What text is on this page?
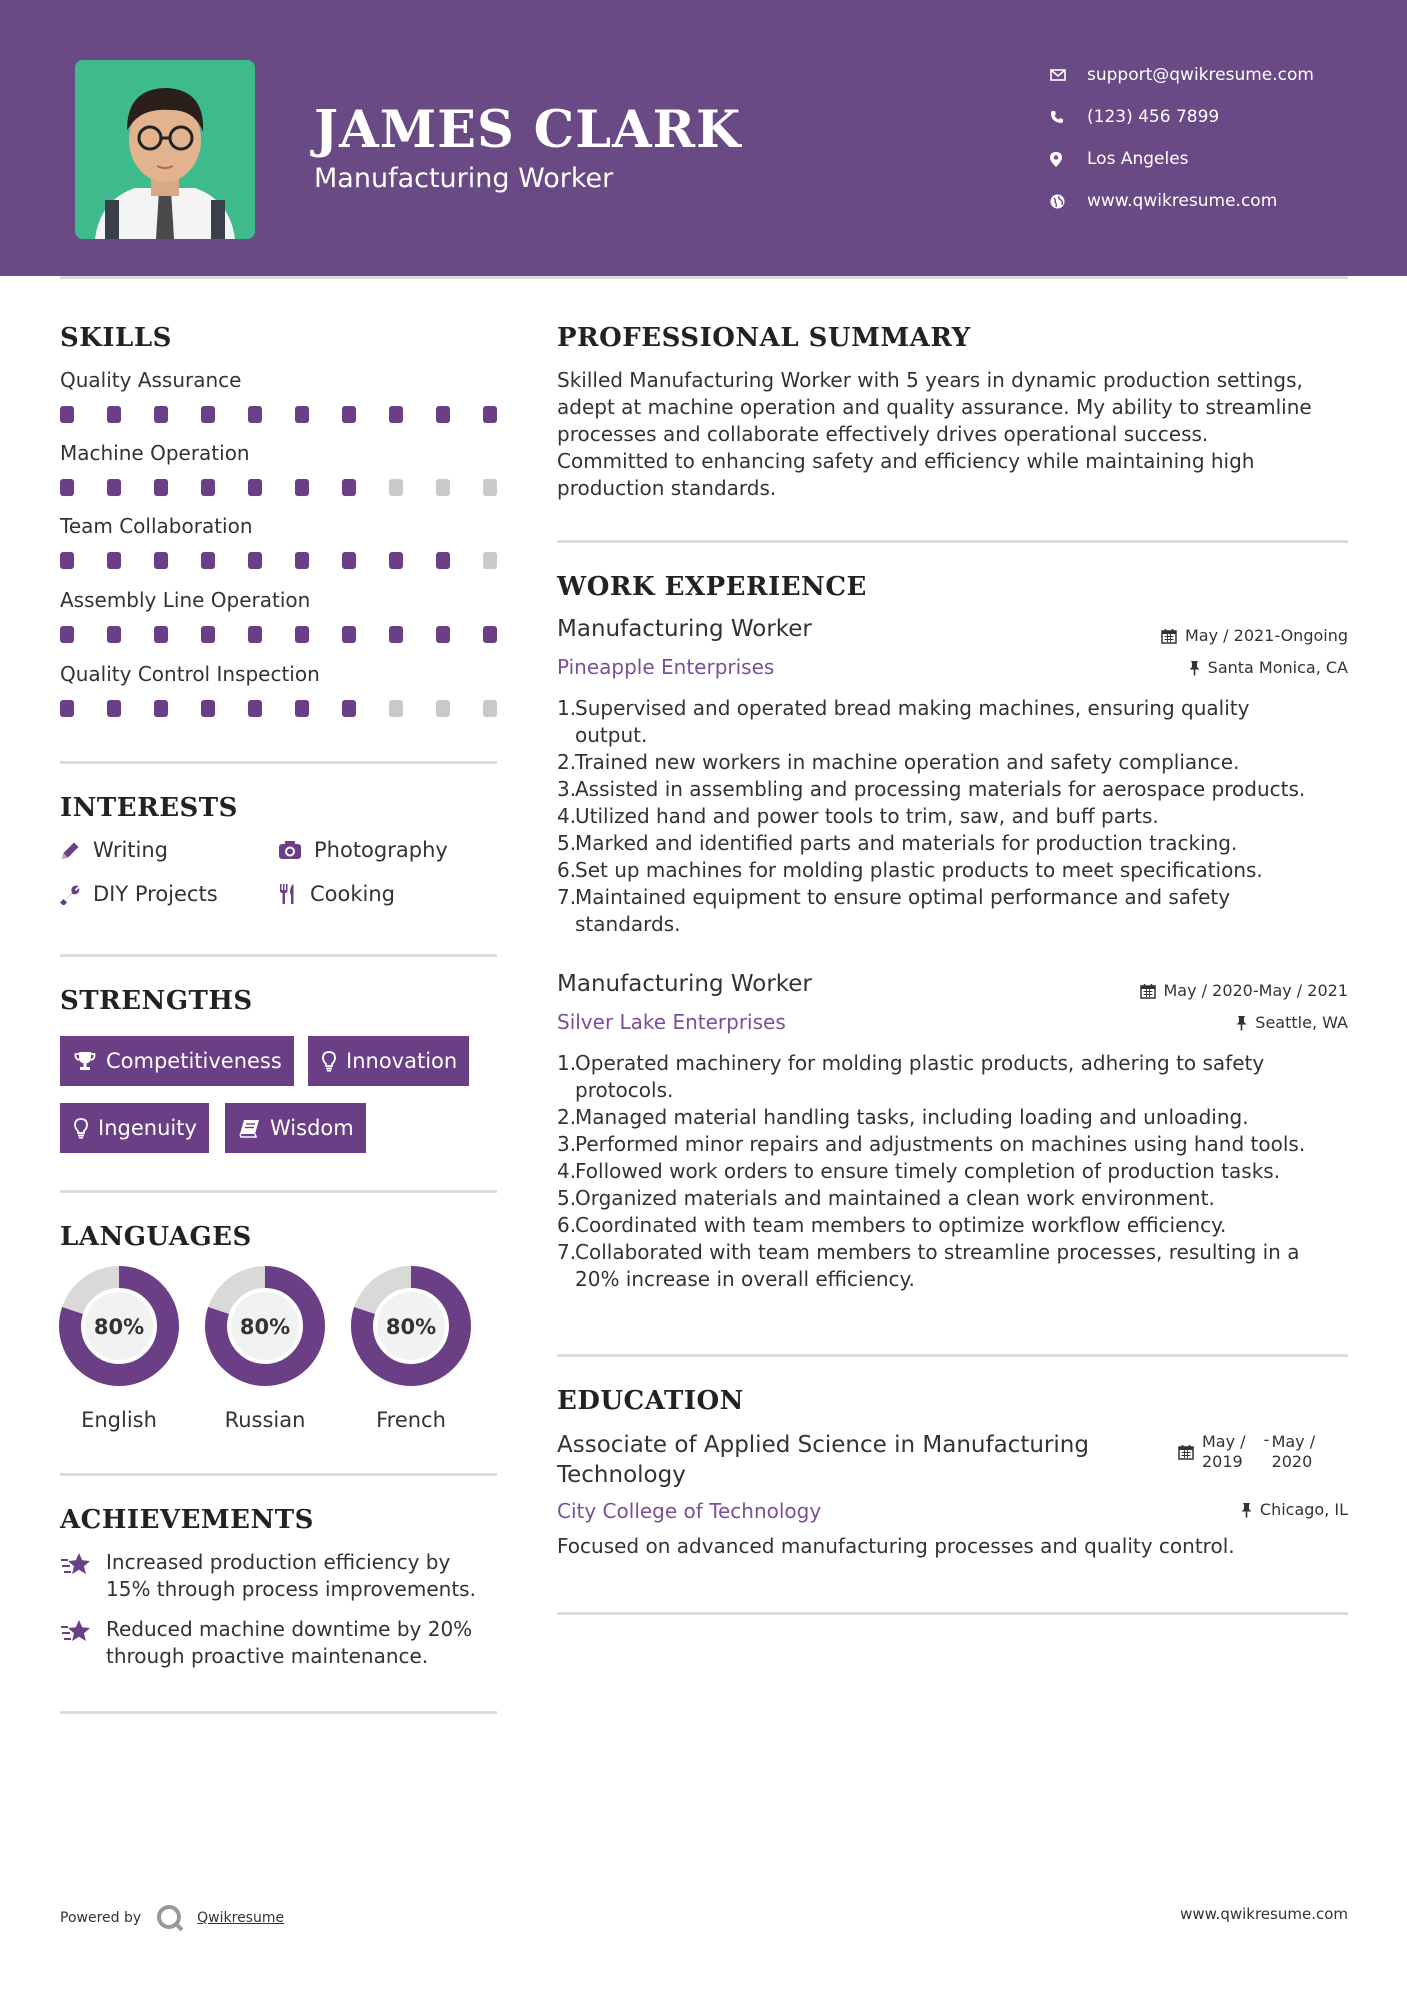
JAMES CLARK
Manufacturing Worker
support@qwikresume.com
(123) 456 7899
Los Angeles
www.qwikresume.com
SKILLS
Quality Assurance
Machine Operation
Team Collaboration
Assembly Line Operation
Quality Control Inspection
INTERESTS
Writing	Photography
DIY Projects	Cooking
STRENGTHS
Competitiveness	Innovation
Ingenuity	Wisdom
LANGUAGES
80%
English
80%
Russian
80%
French
ACHIEVEMENTS
Increased production efficiency by
15% through process improvements.
Reduced machine downtime by 20%
through proactive maintenance.
PROFESSIONAL SUMMARY
Skilled Manufacturing Worker with 5 years in dynamic production settings,
adept at machine operation and quality assurance. My ability to streamline
processes and collaborate effectively drives operational success.
Committed to enhancing safety and efficiency while maintaining high
production standards.
WORK EXPERIENCE
Manufacturing Worker	May / 2021-Ongoing
Pineapple Enterprises	Santa Monica, CA
1.
Supervised and operated bread making machines, ensuring quality
output.
2.
Trained new workers in machine operation and safety compliance.
3.
Assisted in assembling and processing materials for aerospace products.
4.
Utilized hand and power tools to trim, saw, and buff parts.
5.
Marked and identified parts and materials for production tracking.
6.
Set up machines for molding plastic products to meet specifications.
7.
Maintained equipment to ensure optimal performance and safety
standards.
Manufacturing Worker	May / 2020-May / 2021
Silver Lake Enterprises	Seattle, WA
1.
Operated machinery for molding plastic products, adhering to safety
protocols.
2.
Managed material handling tasks, including loading and unloading.
3.
Performed minor repairs and adjustments on machines using hand tools.
4.
Followed work orders to ensure timely completion of production tasks.
5.
Organized materials and maintained a clean work environment.
6.
Coordinated with team members to optimize workflow efficiency.
7.
Collaborated with team members to streamline processes, resulting in a
20% increase in overall efficiency.
EDUCATION
Associate of Applied Science in Manufacturing
Technology
May /
2019
- May /
2020
City College of Technology	Chicago, IL
Focused on advanced manufacturing processes and quality control.
Powered by	Qwikresume	www.qwikresume.com
